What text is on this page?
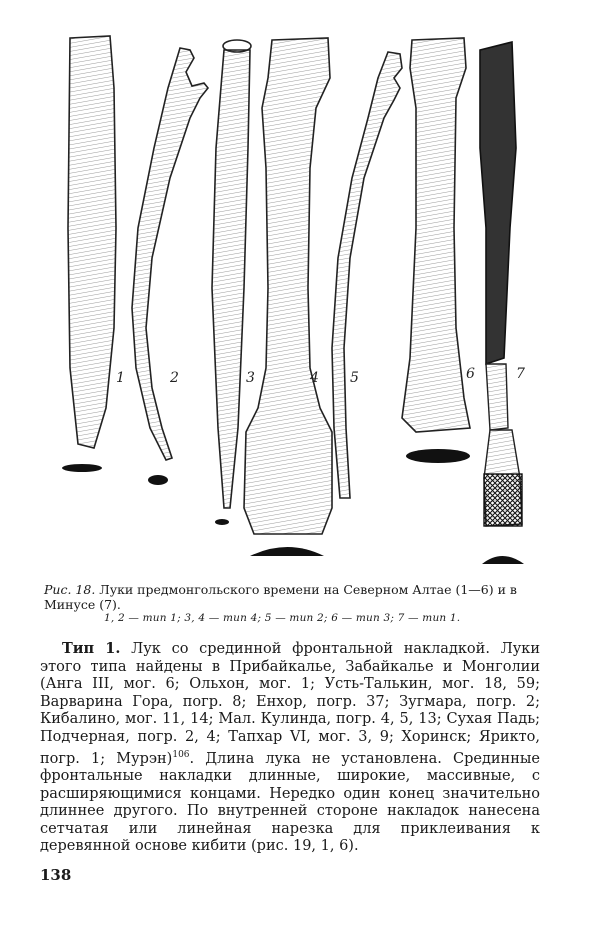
1	2	3	4 5	6	7
Рис. 18. Луки предмонгольского времени на Северном Алтае (1—6) и в Минусе (7).
1, 2 — тип 1; 3, 4 — тип 4; 5 — тип 2; 6 — тип 3; 7 — тип 1.

Тип 1. Лук со срединной фронтальной накладкой. Луки этого типа найдены в Прибайкалье, Забайкалье и Монголии (Анга III, мог. 6; Ольхон, мог. 1; Усть-Талькин, мог. 18, 59; Варварина Гора, погр. 8; Енхор, погр. 37; Зугмара, погр. 2; Кибалино, мог. 11, 14; Мал. Кулинда, погр. 4, 5, 13; Сухая Падь; Подчерная, погр. 2, 4; Тапхар VI, мог. 3, 9; Хоринск; Ярикто, погр. 1; Мурэн)$^{106}$. Длина лука не установлена. Срединные фронтальные накладки длинные, широкие, массивные, с расширяющимися концами. Нередко один конец значительно длиннее другого. По внутренней стороне накладок нанесена сетчатая или линейная нарезка для приклеивания к деревянной основе кибити (рис. 19, 1, 6).

138
